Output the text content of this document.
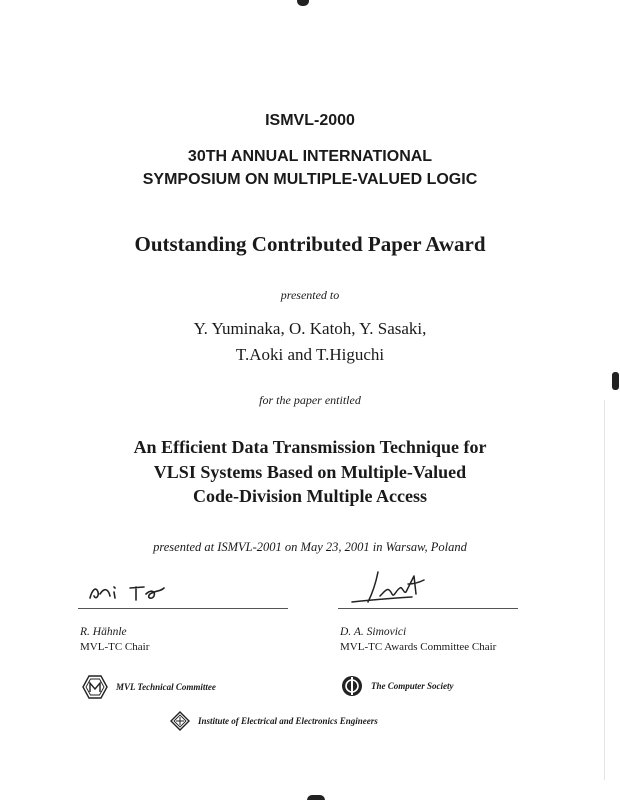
ISMVL-2000
30TH ANNUAL INTERNATIONAL
SYMPOSIUM ON MULTIPLE-VALUED LOGIC
Outstanding Contributed Paper Award
presented to
Y. Yuminaka, O. Katoh, Y. Sasaki,
T.Aoki and T.Higuchi
for the paper entitled
An Efficient Data Transmission Technique for
VLSI Systems Based on Multiple-Valued
Code-Division Multiple Access
presented at ISMVL-2001 on May 23, 2001 in Warsaw, Poland
R. Hähnle
MVL-TC Chair
D. A. Simovici
MVL-TC Awards Committee Chair
MVL Technical Committee	The Computer Society
Institute of Electrical and Electronics Engineers
